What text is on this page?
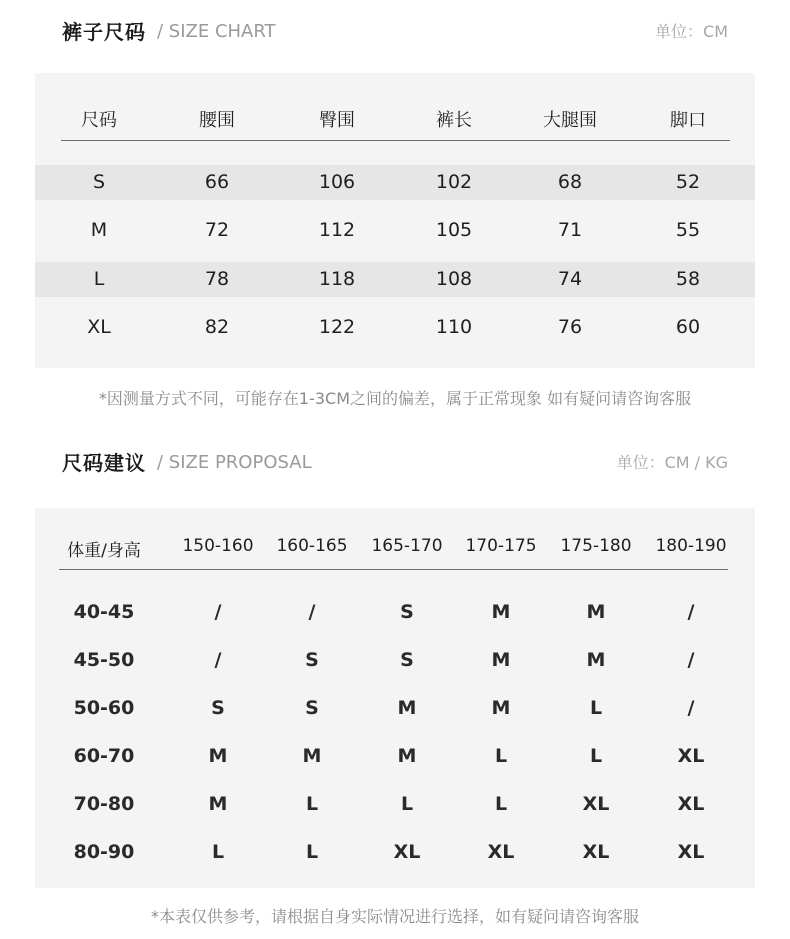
裤子尺码 / SIZE CHART	单位：CM
尺码	腰围	臀围	裤长	大腿围	脚口
S	66	106	102	68	52
M	72	112	105	71	55
L	78	118	108	74	58
XL	82	122	110	76	60
*因测量方式不同，可能存在1-3CM之间的偏差，属于正常现象 如有疑问请咨询客服
尺码建议 / SIZE PROPOSAL	单位：CM / KG
体重/身高 150-160 160-165 165-170 170-175 175-180 180-190
40-45	/	/	S	M	M	/
45-50	/	S	S	M	M	/
50-60	S	S	M	M	L	/
60-70	M	M	M	L	L	XL
70-80	M	L	L	L	XL	XL
80-90	L	L	XL	XL	XL	XL
*本表仅供参考，请根据自身实际情况进行选择，如有疑问请咨询客服
